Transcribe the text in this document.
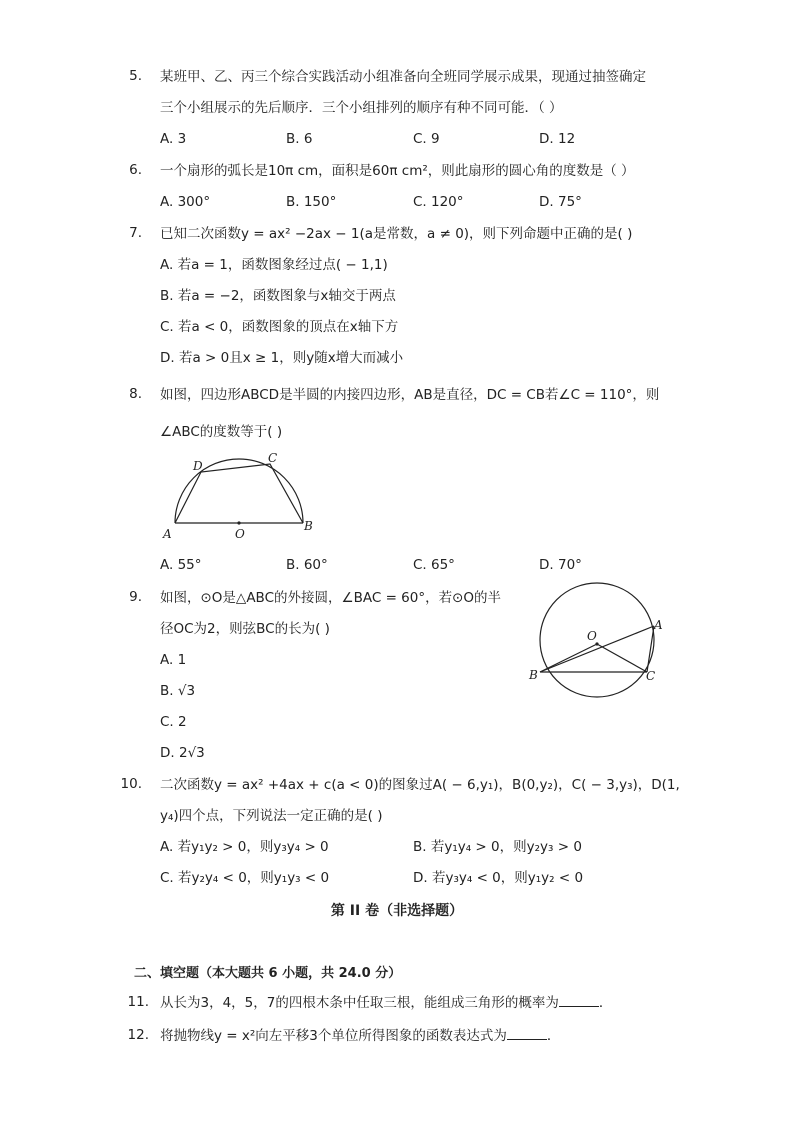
5. 某班甲、乙、丙三个综合实践活动小组准备向全班同学展示成果，现通过抽签确定
三个小组展示的先后顺序．三个小组排列的顺序有种不同可能．（ ）
A. 3	B. 6	C. 9	D. 12
6. 一个扇形的弧长是10π cm，面积是60π cm²，则此扇形的圆心角的度数是（ ）
A. 300°	B. 150°	C. 120°	D. 75°
7. 已知二次函数y = ax² −2ax − 1(a是常数，a ≠ 0)，则下列命题中正确的是( )
A. 若a = 1，函数图象经过点( − 1,1)
B. 若a = −2，函数图象与x轴交于两点
C. 若a < 0，函数图象的顶点在x轴下方
D. 若a > 0且x ≥ 1，则y随x增大而减小
8. 如图，四边形ABCD是半圆的内接四边形，AB是直径，DC = CB若∠C = 110°，则
∠ABC的度数等于( )
A
B
C
D
O
A. 55°	B. 60°	C. 65°	D. 70°
9. 如图，⊙O是△ABC的外接圆，∠BAC = 60°，若⊙O的半
径OC为2，则弦BC的长为( )	O
A
B	C
A. 1
B. √3
C. 2
D. 2√3
10. 二次函数y = ax² +4ax + c(a < 0)的图象过A( − 6,y₁)，B(0,y₂)，C( − 3,y₃)，D(1,
y₄)四个点，下列说法一定正确的是( )
A. 若y₁y₂ > 0，则y₃y₄ > 0	B. 若y₁y₄ > 0，则y₂y₃ > 0
C. 若y₂y₄ < 0，则y₁y₃ < 0	D. 若y₃y₄ < 0，则y₁y₂ < 0
第 II 卷（非选择题）
二、填空题（本大题共 6 小题，共 24.0 分）
11. 从长为3，4，5，7的四根木条中任取三根，能组成三角形的概率为	．
12. 将抛物线y = x²向左平移3个单位所得图象的函数表达式为	．
